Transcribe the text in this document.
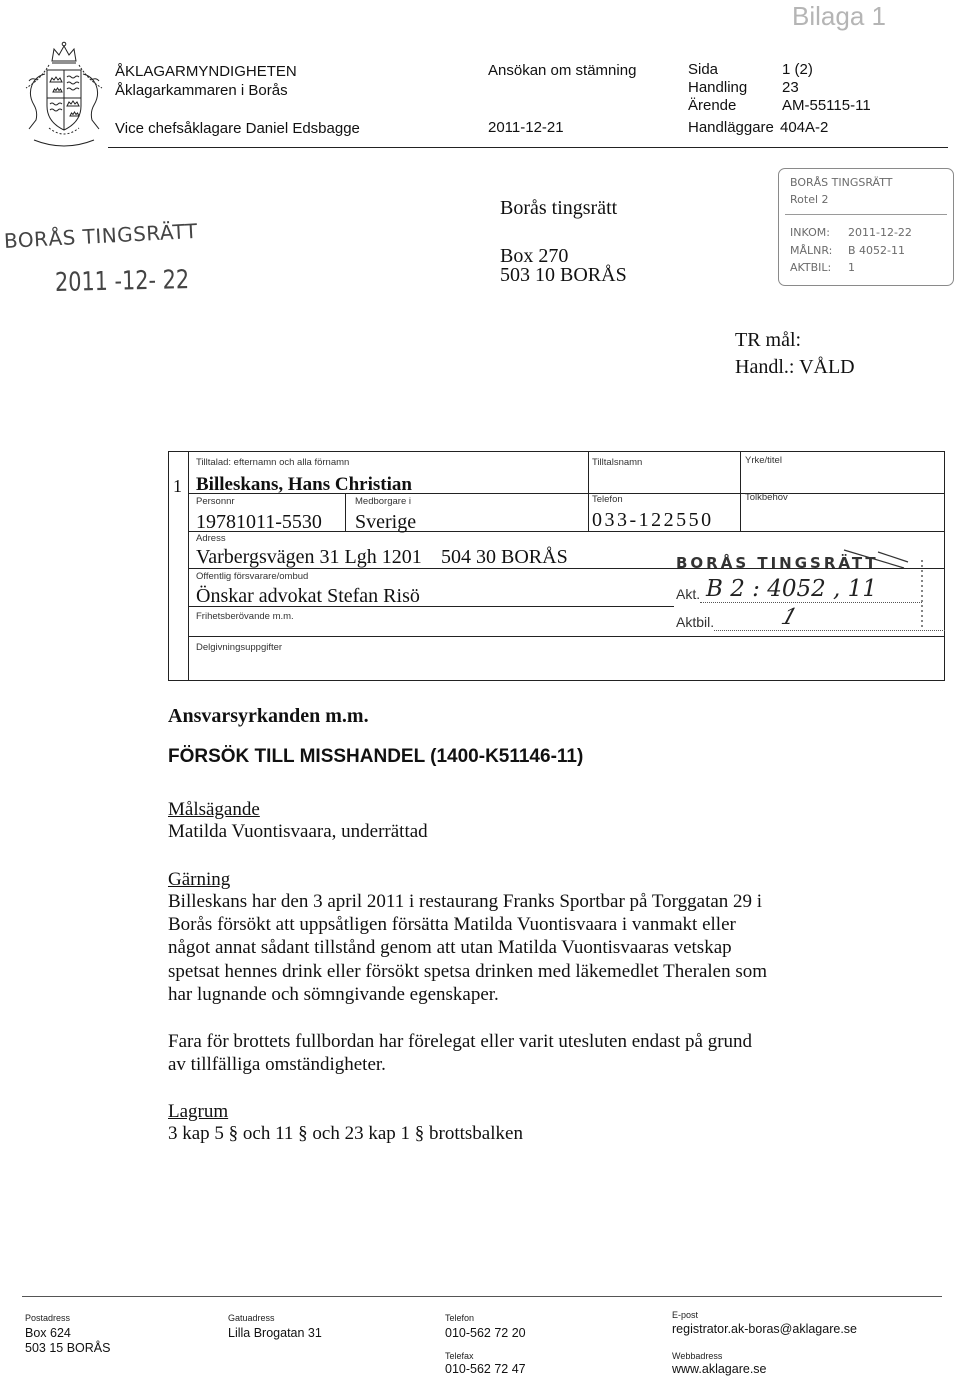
Bilaga 1
ÅKLAGARMYNDIGHETEN
Åklagarkammaren i Borås
Vice chefsåklagare Daniel Edsbagge
Ansökan om stämning
2011-12-21
Sida	1 (2)
Handling 23
Ärende	AM-55115-11
Handläggare 404A-2
BORÅS TINGSRÄTT
2011 -12- 22
Borås tingsrätt
Box 270
503 10 BORÅS
BORÅS TINGSRÄTT
Rotel 2
INKOM: 2011-12-22
MÅLNR: B 4052-11
AKTBIL: 1
TR mål:
Handl.: VÅLD
1
Tilltalad: efternamn och alla förnamn
Billeskans, Hans Christian
Tilltalsnamn	Yrke/titel
Personnr
19781011-5530
Medborgare i
Sverige
Telefon
033-122550
Tolkbehov
Adress
Varbergsvägen 31 Lgh 1201 504 30 BORÅS
Offentlig försvarare/ombud
Önskar advokat Stefan Risö
Frihetsberövande m.m.
Delgivningsuppgifter
BORÅS TINGSRÄTT
Akt. B 2 : 4052 , 11
Aktbil.	1
Ansvarsyrkanden m.m.
FÖRSÖK TILL MISSHANDEL (1400-K51146-11)
Målsägande
Matilda Vuontisvaara, underrättad
Gärning
Billeskans har den 3 april 2011 i restaurang Franks Sportbar på Torggatan 29 i
Borås försökt att uppsåtligen försätta Matilda Vuontisvaara i vanmakt eller
något annat sådant tillstånd genom att utan Matilda Vuontisvaaras vetskap
spetsat hennes drink eller försökt spetsa drinken med läkemedlet Theralen som
har lugnande och sömngivande egenskaper.
Fara för brottets fullbordan har förelegat eller varit utesluten endast på grund
av tillfälliga omständigheter.
Lagrum
3 kap 5 § och 11 § och 23 kap 1 § brottsbalken
Postadress
Box 624
503 15 BORÅS
Gatuadress
Lilla Brogatan 31
Telefon
010-562 72 20
Telefax
010-562 72 47
E-post
registrator.ak-boras@aklagare.se
Webbadress
www.aklagare.se
